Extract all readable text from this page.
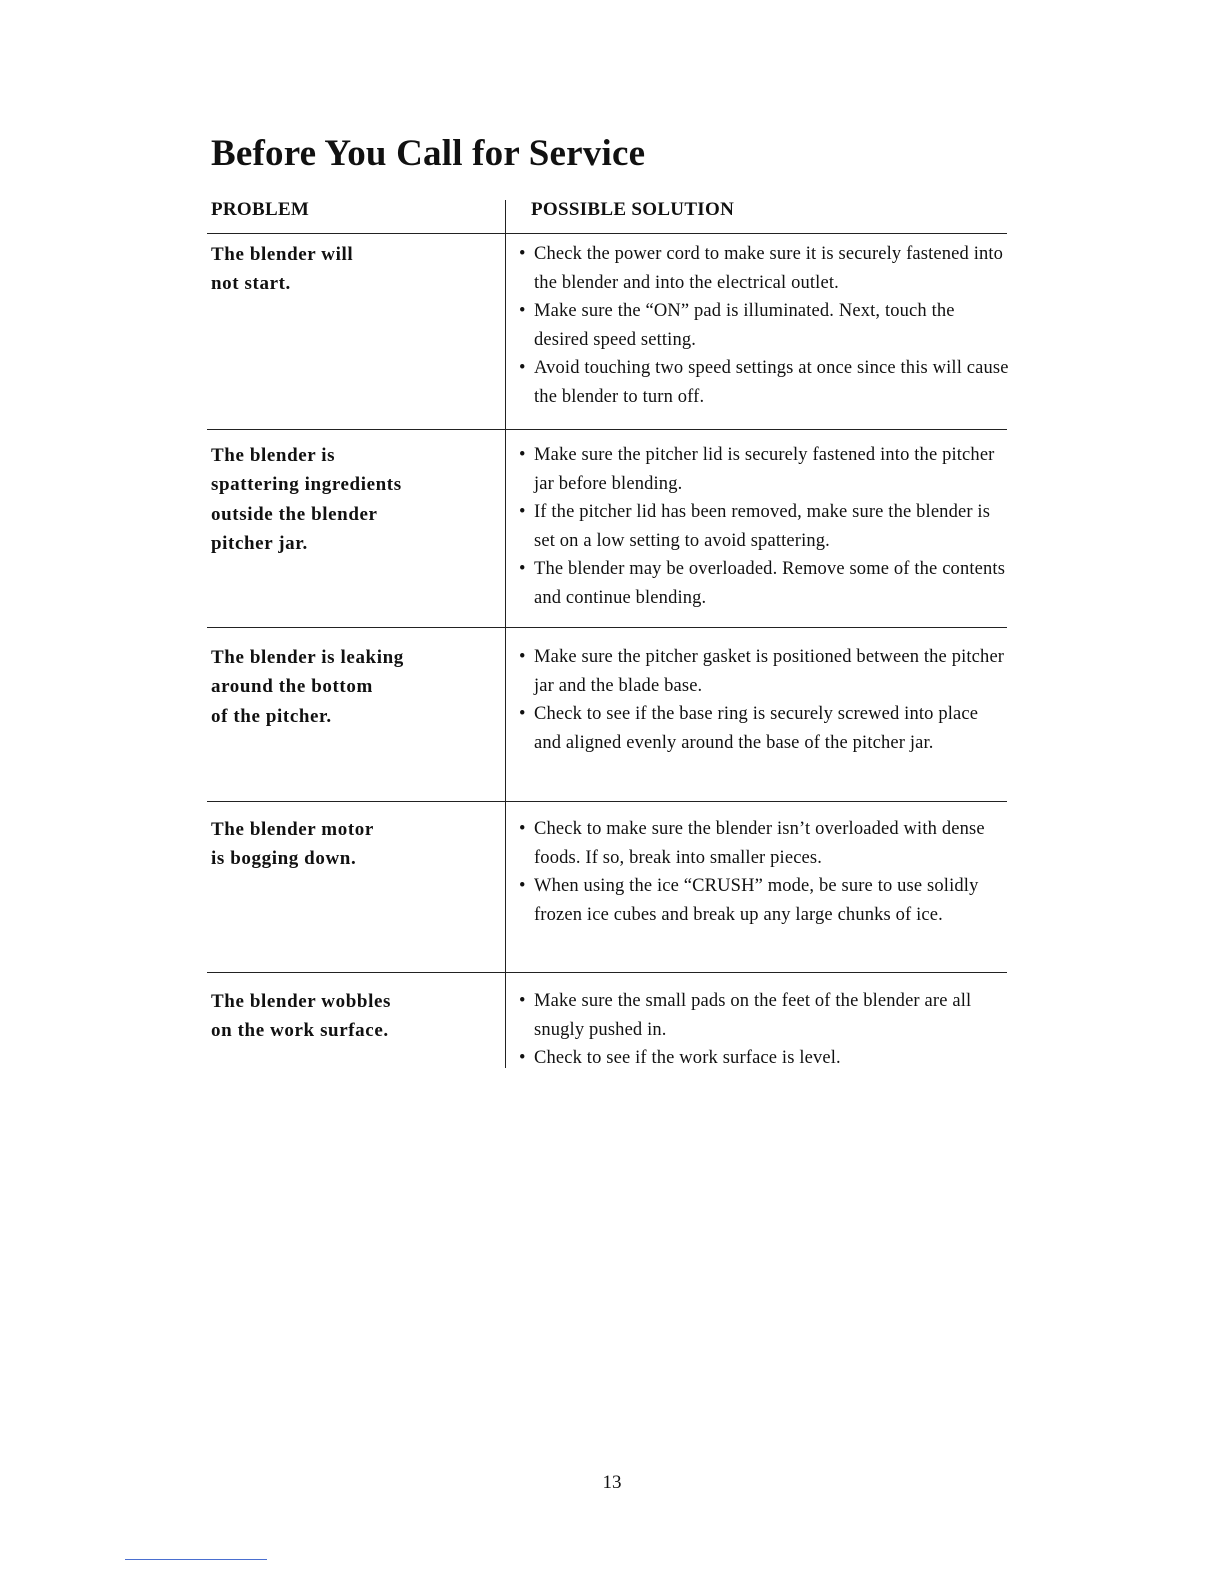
Before You Call for Service
PROBLEM	POSSIBLE SOLUTION
The blender will
not start.
• Check the power cord to make sure it is securely fastened into the blender and into the electrical outlet.
• Make sure the “ON” pad is illuminated. Next, touch the desired speed setting.
• Avoid touching two speed settings at once since this will cause the blender to turn off.
The blender is
spattering ingredients
outside the blender
pitcher jar.
• Make sure the pitcher lid is securely fastened into the pitcher jar before blending.
• If the pitcher lid has been removed, make sure the blender is set on a low setting to avoid spattering.
• The blender may be overloaded. Remove some of the contents and continue blending.
The blender is leaking
around the bottom
of the pitcher.
• Make sure the pitcher gasket is positioned between the pitcher jar and the blade base.
• Check to see if the base ring is securely screwed into place and aligned evenly around the base of the pitcher jar.
The blender motor
is bogging down.
• Check to make sure the blender isn’t overloaded with dense foods. If so, break into smaller pieces.
• When using the ice “CRUSH” mode, be sure to use solidly frozen ice cubes and break up any large chunks of ice.
The blender wobbles
on the work surface.
• Make sure the small pads on the feet of the blender are all snugly pushed in.
• Check to see if the work surface is level.
13
